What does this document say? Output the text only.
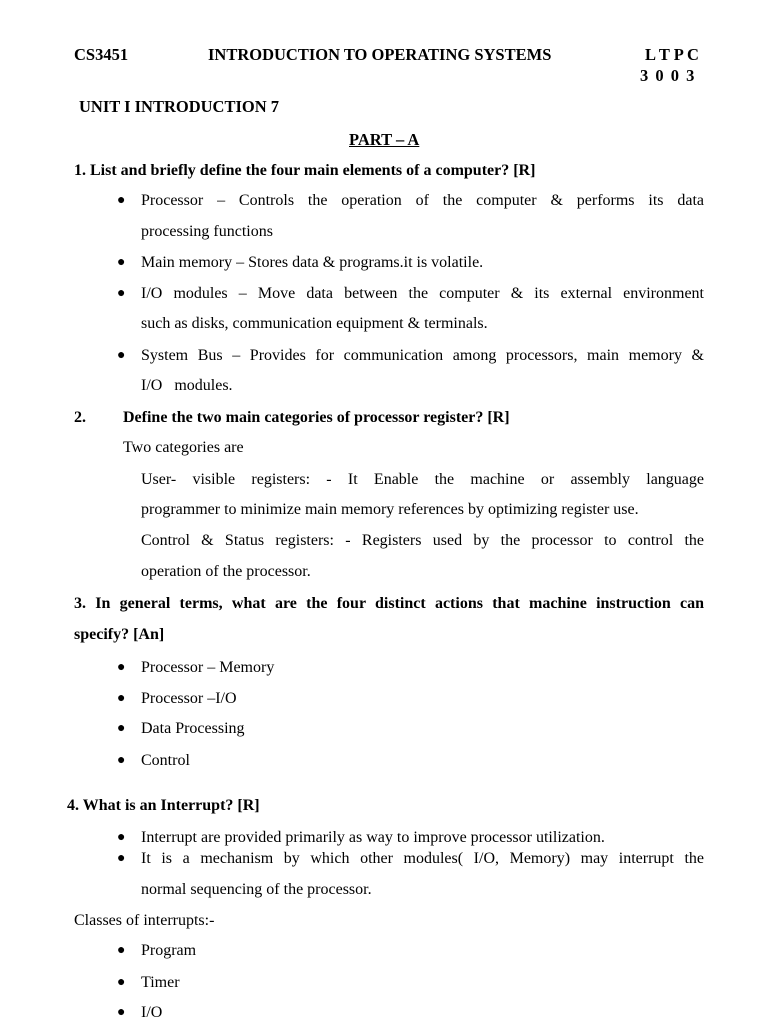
CS3451	INTRODUCTION TO OPERATING SYSTEMS	L T P C
3 0 0 3
UNIT I INTRODUCTION 7
PART – A
1. List and briefly define the four main elements of a computer? [R]
● Processor – Controls the operation of the computer & performs its data
processing functions
● Main memory – Stores data & programs.it is volatile.
● I/O modules – Move data between the computer & its external environment
such as disks, communication equipment & terminals.
● System Bus – Provides for communication among processors, main memory &
I/O   modules.
2. Define the two main categories of processor register? [R]
Two categories are
User- visible registers: - It Enable the machine or assembly language
programmer to minimize main memory references by optimizing register use.
Control & Status registers: - Registers used by the processor to control the
operation of the processor.
3. In general terms, what are the four distinct actions that machine instruction can
specify? [An]
● Processor – Memory
● Processor –I/O
● Data Processing
● Control
4. What is an Interrupt? [R]
● Interrupt are provided primarily as way to improve processor utilization.
● It is a mechanism by which other modules( I/O, Memory) may interrupt the
normal sequencing of the processor.
Classes of interrupts:-
● Program
● Timer
● I/O
